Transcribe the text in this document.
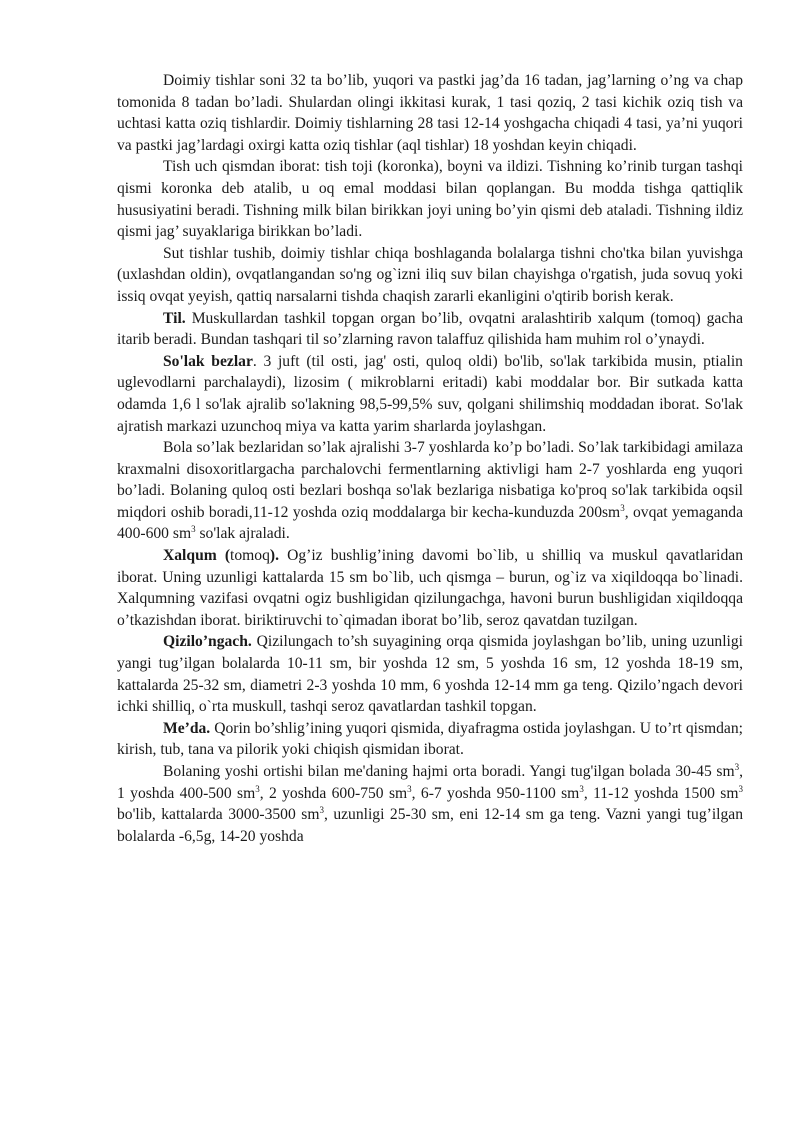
Doimiy tishlar soni 32 ta bo’lib, yuqori va pastki jag’da 16 tadan, jag’larning o’ng va chap tomonida 8 tadan bo’ladi. Shulardan olingi ikkitasi kurak, 1 tasi qoziq, 2 tasi kichik oziq tish va uchtasi katta oziq tishlardir. Doimiy tishlarning 28 tasi 12-14 yoshgacha chiqadi 4 tasi, ya’ni yuqori va pastki jag’lardagi oxirgi katta oziq tishlar (aql tishlar) 18 yoshdan keyin chiqadi.

Tish uch qismdan iborat: tish toji (koronka), boyni va ildizi. Tishning ko’rinib turgan tashqi qismi koronka deb atalib, u oq emal moddasi bilan qoplangan. Bu modda tishga qattiqlik hususiyatini beradi. Tishning milk bilan birikkan joyi uning bo’yin qismi deb ataladi. Tishning ildiz qismi jag’ suyaklariga birikkan bo’ladi.

Sut tishlar tushib, doimiy tishlar chiqa boshlaganda bolalarga tishni cho'tka bilan yuvishga (uxlashdan oldin), ovqatlangandan so'ng og`izni iliq suv bilan chayishga o'rgatish, juda sovuq yoki issiq ovqat yeyish, qattiq narsalarni tishda chaqish zararli ekanligini o'qtirib borish kerak.

Til. Muskullardan tashkil topgan organ bo’lib, ovqatni aralashtirib xalqum (tomoq) gacha itarib beradi. Bundan tashqari til so’zlarning ravon talaffuz qilishida ham muhim rol o’ynaydi.

So'lak bezlar. 3 juft (til osti, jag' osti, quloq oldi) bo'lib, so'lak tarkibida musin, ptialin uglevodlarni parchalaydi), lizosim ( mikroblarni eritadi) kabi moddalar bor. Bir sutkada katta odamda 1,6 l so'lak ajralib so'lakning 98,5-99,5% suv, qolgani shilimshiq moddadan iborat. So'lak ajratish markazi uzunchoq miya va katta yarim sharlarda joylashgan.

Bola so’lak bezlaridan so’lak ajralishi 3-7 yoshlarda ko’p bo’ladi. So’lak tarkibidagi amilaza kraxmalni disoxoritlargacha parchalovchi fermentlarning aktivligi ham 2-7 yoshlarda eng yuqori bo’ladi. Bolaning quloq osti bezlari boshqa so'lak bezlariga nisbatiga ko'proq so'lak tarkibida oqsil miqdori oshib boradi,11-12 yoshda oziq moddalarga bir kecha-kunduzda $200sm^3$, ovqat yemaganda 400-600 $sm^3$ so'lak ajraladi.

Xalqum (tomoq). Og’iz bushlig’ining davomi bo`lib, u shilliq va muskul qavatlaridan iborat. Uning uzunligi kattalarda 15 sm bo`lib, uch qismga – burun, og`iz va xiqildoqqa bo`linadi. Xalqumning vazifasi ovqatni ogiz bushligidan qizilungachga, havoni burun bushligidan xiqildoqqa o’tkazishdan iborat. biriktiruvchi to`qimadan iborat bo’lib, seroz qavatdan tuzilgan.

Qizilo’ngach. Qizilungach to’sh suyagining orqa qismida joylashgan bo’lib, uning uzunligi yangi tug’ilgan bolalarda 10-11 sm, bir yoshda 12 sm, 5 yoshda 16 sm, 12 yoshda 18-19 sm, kattalarda 25-32 sm, diametri 2-3 yoshda 10 mm, 6 yoshda 12-14 mm ga teng. Qizilo’ngach devori ichki shilliq, o`rta muskull, tashqi seroz qavatlardan tashkil topgan.

Me’da. Qorin bo’shlig’ining yuqori qismida, diyafragma ostida joylashgan. U to’rt qismdan; kirish, tub, tana va pilorik yoki chiqish qismidan iborat.

Bolaning yoshi ortishi bilan me'daning hajmi orta boradi. Yangi tug'ilgan bolada 30-45 $sm^3$, 1 yoshda 400-500 $sm^3$, 2 yoshda 600-750 $sm^3$, 6-7 yoshda 950-1100 $sm^3$, 11-12 yoshda 1500 $sm^3$ bo'lib, kattalarda 3000-3500 $sm^3$, uzunligi 25-30 sm, eni 12-14 sm ga teng. Vazni yangi tug’ilgan bolalarda -6,5g, 14-20 yoshda
